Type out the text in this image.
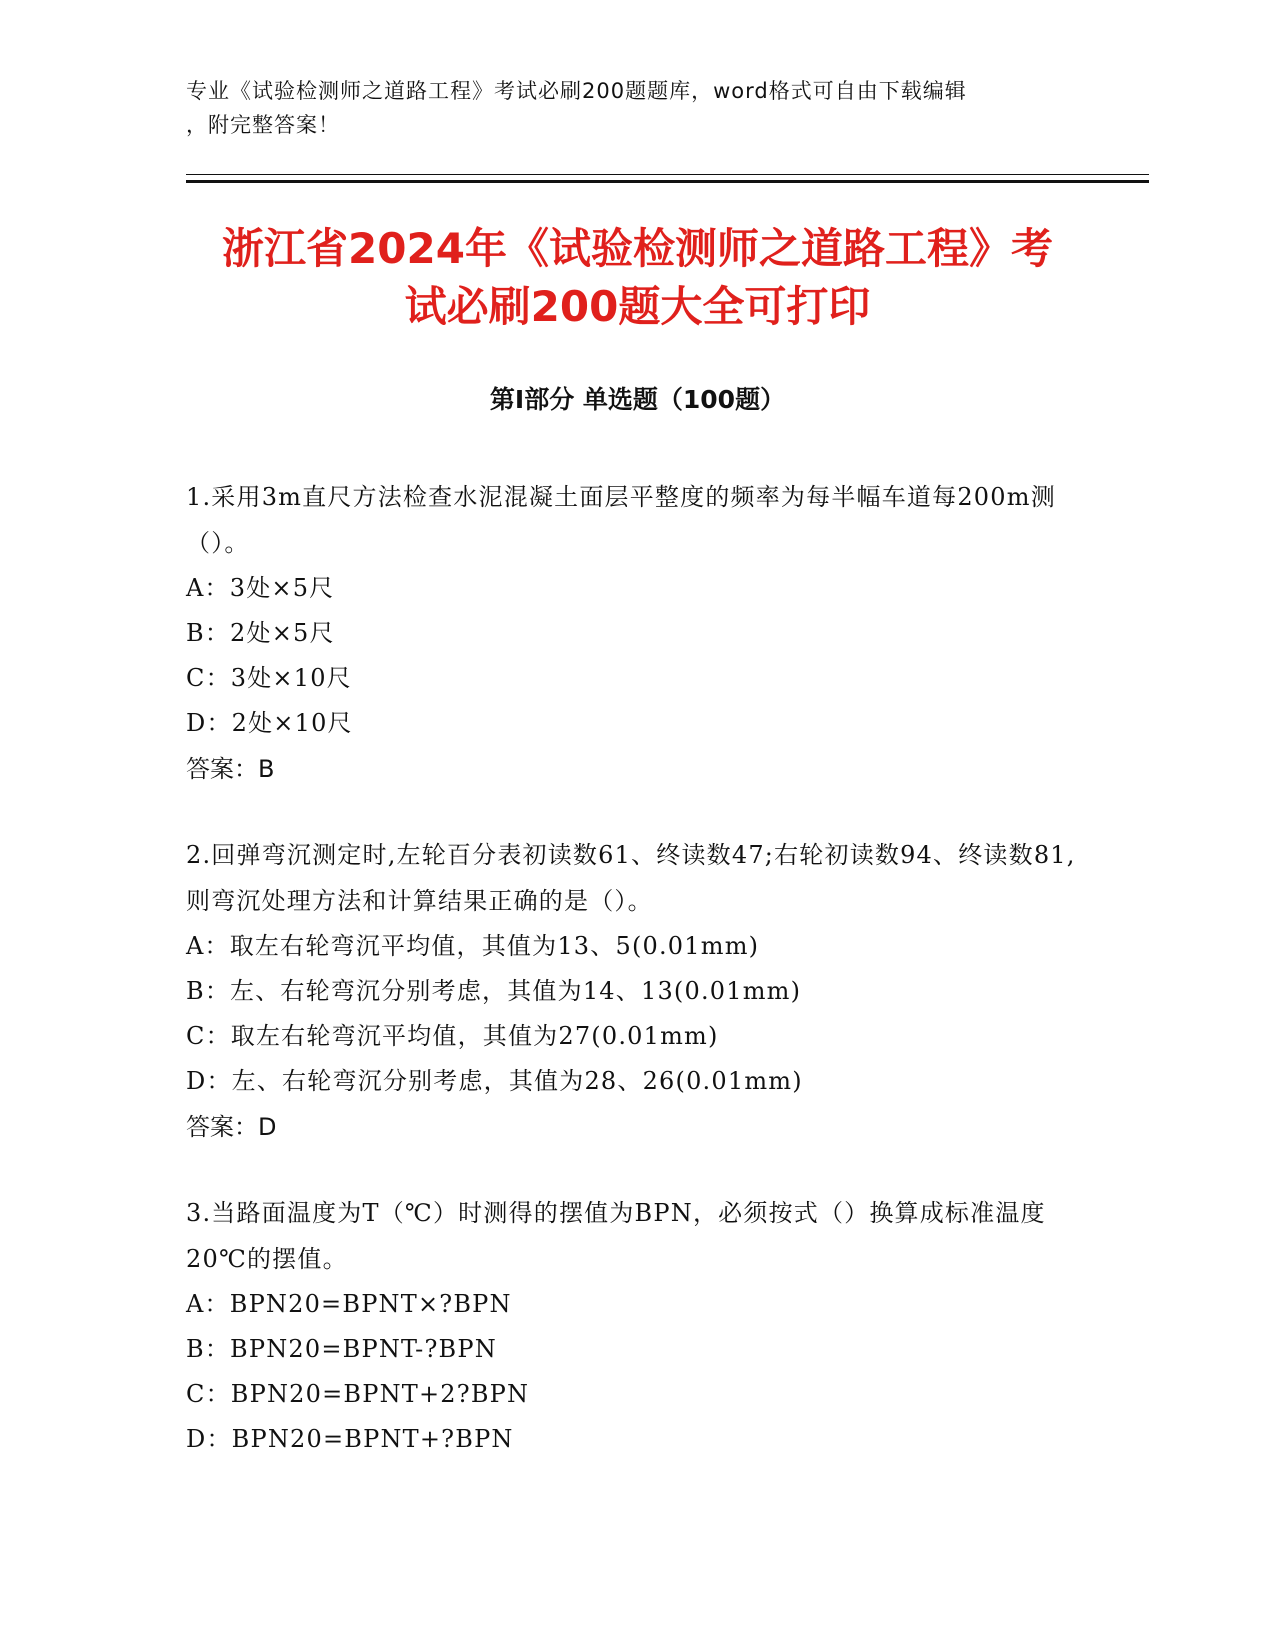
专业《试验检测师之道路工程》考试必刷200题题库，word格式可自由下载编辑
，附完整答案！
浙江省2024年《试验检测师之道路工程》考
试必刷200题大全可打印
第Ⅰ部分 单选题（100题）
1.采用3m直尺方法检查水泥混凝土面层平整度的频率为每半幅车道每200m测（）。
A：3处×5尺
B：2处×5尺
C：3处×10尺
D：2处×10尺
答案：B
2.回弹弯沉测定时,左轮百分表初读数61、终读数47;右轮初读数94、终读数81,则弯沉处理方法和计算结果正确的是（）。
A：取左右轮弯沉平均值，其值为13、5(0.01mm)
B：左、右轮弯沉分别考虑，其值为14、13(0.01mm)
C：取左右轮弯沉平均值，其值为27(0.01mm)
D：左、右轮弯沉分别考虑，其值为28、26(0.01mm)
答案：D
3.当路面温度为T（℃）时测得的摆值为BPN，必须按式（）换算成标准温度20℃的摆值。
A：BPN20=BPNT×?BPN
B：BPN20=BPNT-?BPN
C：BPN20=BPNT+2?BPN
D：BPN20=BPNT+?BPN
